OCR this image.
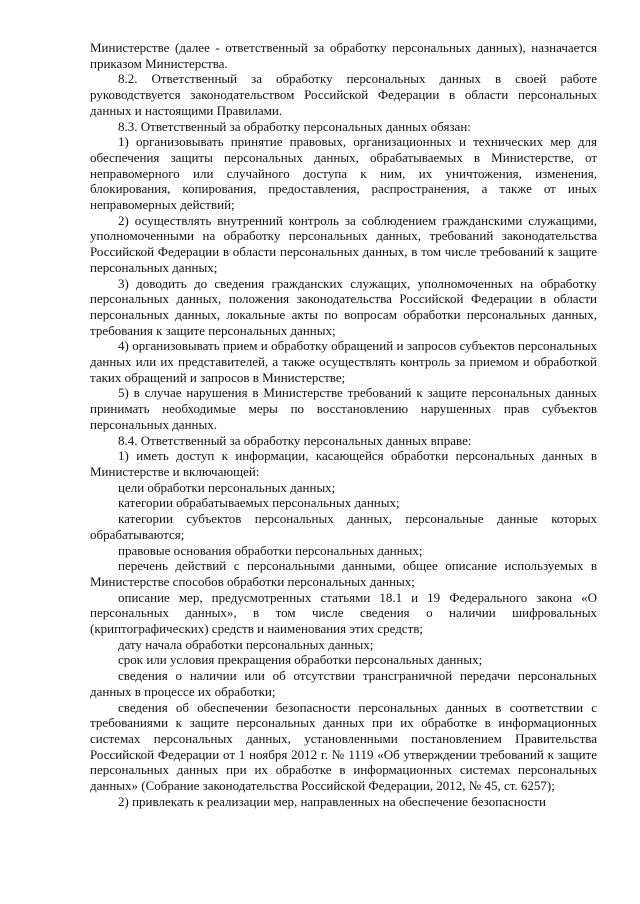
Министерстве (далее - ответственный за обработку персональных данных), назначается приказом Министерства.

8.2. Ответственный за обработку персональных данных в своей работе руководствуется законодательством Российской Федерации в области персональных данных и настоящими Правилами.

8.3. Ответственный за обработку персональных данных обязан:

1) организовывать принятие правовых, организационных и технических мер для обеспечения защиты персональных данных, обрабатываемых в Министерстве, от неправомерного или случайного доступа к ним, их уничтожения, изменения, блокирования, копирования, предоставления, распространения, а также от иных неправомерных действий;

2) осуществлять внутренний контроль за соблюдением гражданскими служащими, уполномоченными на обработку персональных данных, требований законодательства Российской Федерации в области персональных данных, в том числе требований к защите персональных данных;

3) доводить до сведения гражданских служащих, уполномоченных на обработку персональных данных, положения законодательства Российской Федерации в области персональных данных, локальные акты по вопросам обработки персональных данных, требования к защите персональных данных;

4) организовывать прием и обработку обращений и запросов субъектов персональных данных или их представителей, а также осуществлять контроль за приемом и обработкой таких обращений и запросов в Министерстве;

5) в случае нарушения в Министерстве требований к защите персональных данных принимать необходимые меры по восстановлению нарушенных прав субъектов персональных данных.

8.4. Ответственный за обработку персональных данных вправе:

1) иметь доступ к информации, касающейся обработки персональных данных в Министерстве и включающей:

цели обработки персональных данных;

категории обрабатываемых персональных данных;

категории субъектов персональных данных, персональные данные которых обрабатываются;

правовые основания обработки персональных данных;

перечень действий с персональными данными, общее описание используемых в Министерстве способов обработки персональных данных;

описание мер, предусмотренных статьями 18.1 и 19 Федерального закона «О персональных данных», в том числе сведения о наличии шифровальных (криптографических) средств и наименования этих средств;

дату начала обработки персональных данных;

срок или условия прекращения обработки персональных данных;

сведения о наличии или об отсутствии трансграничной передачи персональных данных в процессе их обработки;

сведения об обеспечении безопасности персональных данных в соответствии с требованиями к защите персональных данных при их обработке в информационных системах персональных данных, установленными постановлением Правительства Российской Федерации от 1 ноября 2012 г. № 1119 «Об утверждении требований к защите персональных данных при их обработке в информационных системах персональных данных» (Собрание законодательства Российской Федерации, 2012, № 45, ст. 6257);

2) привлекать к реализации мер, направленных на обеспечение безопасности
